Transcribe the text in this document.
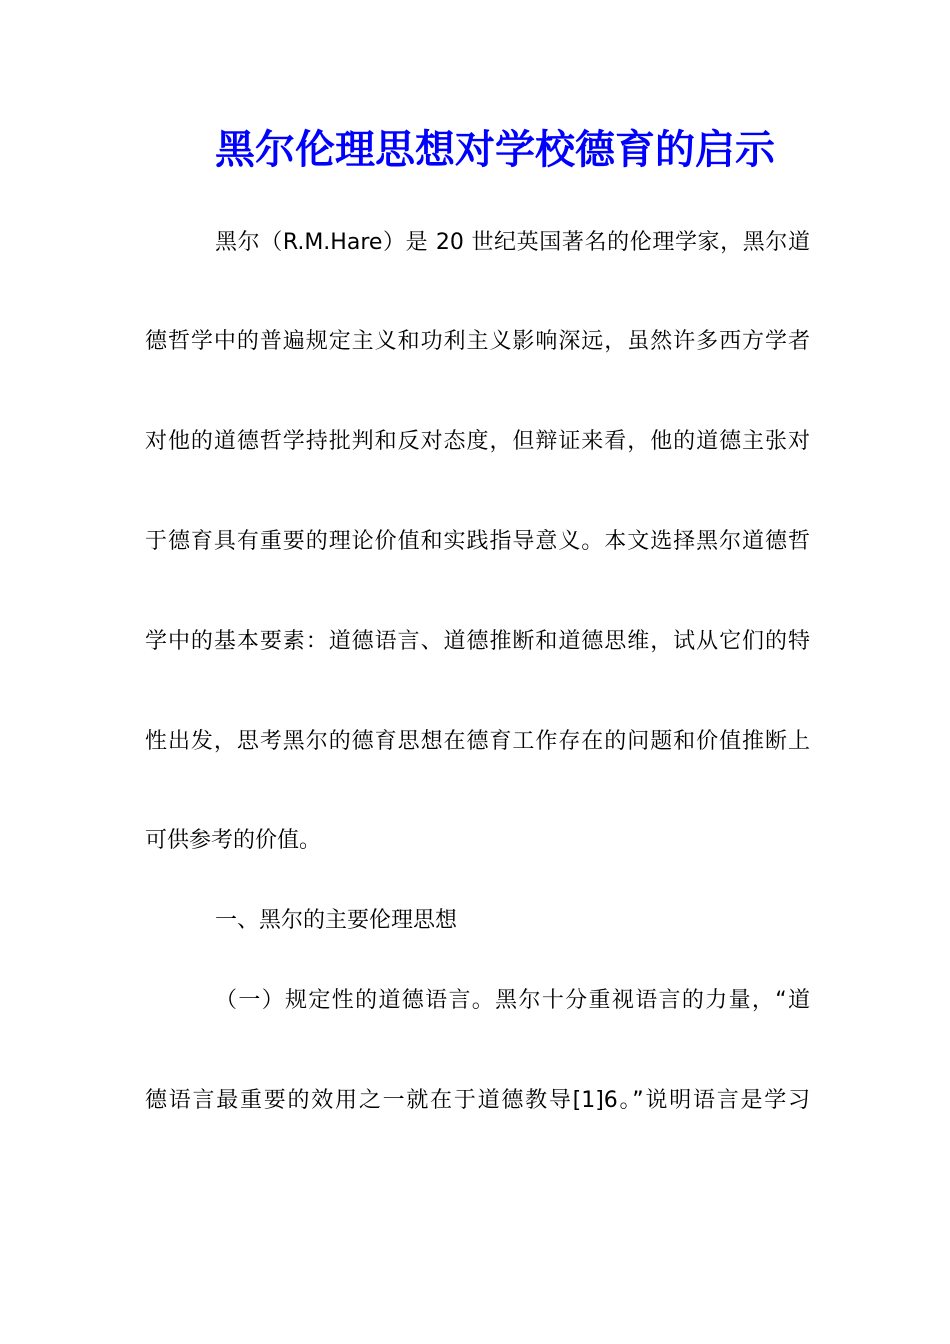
黑尔伦理思想对学校德育的启示

黑尔（R.M.Hare）是 20 世纪英国著名的伦理学家，黑尔道

德哲学中的普遍规定主义和功利主义影响深远，虽然许多西方学者

对他的道德哲学持批判和反对态度，但辩证来看，他的道德主张对

于德育具有重要的理论价值和实践指导意义。本文选择黑尔道德哲

学中的基本要素：道德语言、道德推断和道德思维，试从它们的特

性出发，思考黑尔的德育思想在德育工作存在的问题和价值推断上

可供参考的价值。

一、黑尔的主要伦理思想

（一）规定性的道德语言。黑尔十分重视语言的力量，“道

德语言最重要的效用之一就在于道德教导[1]6。”说明语言是学习
